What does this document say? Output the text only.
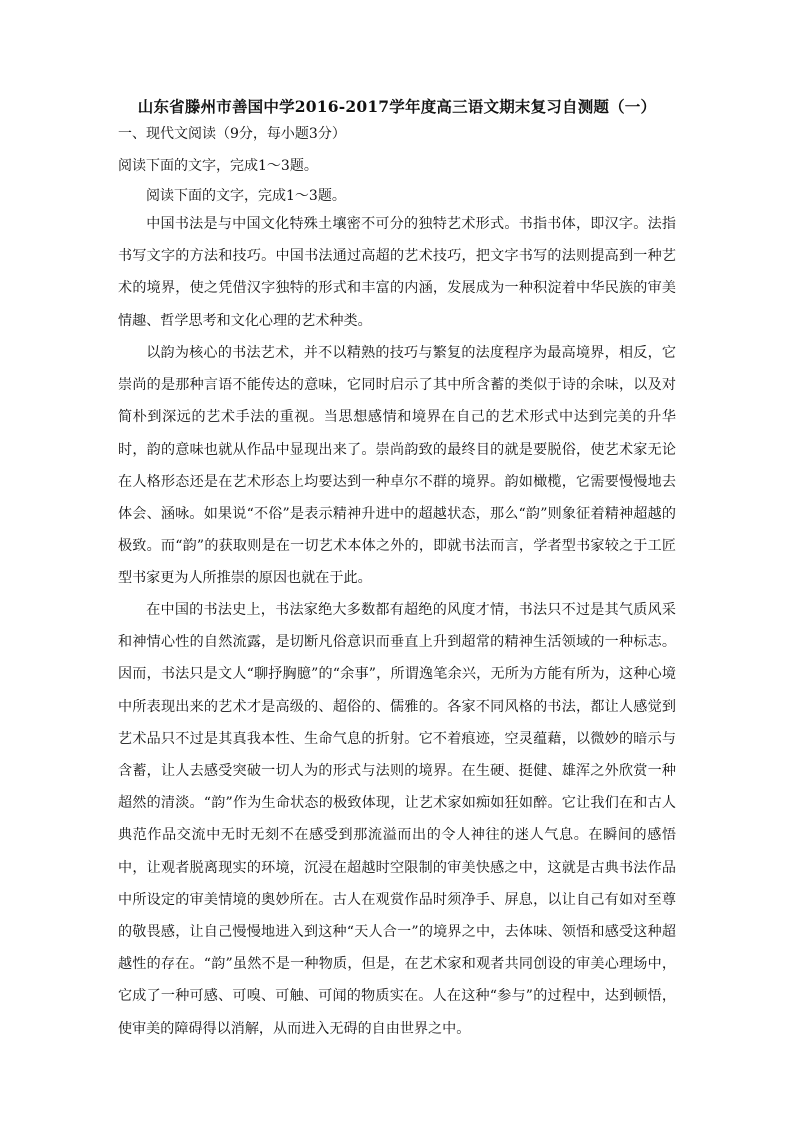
山东省滕州市善国中学2016-2017学年度高三语文期末复习自测题（一）
一、现代文阅读（9分，每小题3分）
阅读下面的文字，完成1～3题。
阅读下面的文字，完成1～3题。

中国书法是与中国文化特殊土壤密不可分的独特艺术形式。书指书体，即汉字。法指书写文字的方法和技巧。中国书法通过高超的艺术技巧，把文字书写的法则提高到一种艺术的境界，使之凭借汉字独特的形式和丰富的内涵，发展成为一种积淀着中华民族的审美情趣、哲学思考和文化心理的艺术种类。

以韵为核心的书法艺术，并不以精熟的技巧与繁复的法度程序为最高境界，相反，它崇尚的是那种言语不能传达的意味，它同时启示了其中所含蓄的类似于诗的余味，以及对简朴到深远的艺术手法的重视。当思想感情和境界在自己的艺术形式中达到完美的升华时，韵的意味也就从作品中显现出来了。崇尚韵致的最终目的就是要脱俗，使艺术家无论在人格形态还是在艺术形态上均要达到一种卓尔不群的境界。韵如橄榄，它需要慢慢地去体会、涵咏。如果说“不俗”是表示精神升进中的超越状态，那么“韵”则象征着精神超越的极致。而“韵”的获取则是在一切艺术本体之外的，即就书法而言，学者型书家较之于工匠型书家更为人所推崇的原因也就在于此。

在中国的书法史上，书法家绝大多数都有超绝的风度才情，书法只不过是其气质风采和神情心性的自然流露，是切断凡俗意识而垂直上升到超常的精神生活领域的一种标志。因而，书法只是文人“聊抒胸臆”的“余事”，所谓逸笔余兴，无所为方能有所为，这种心境中所表现出来的艺术才是高级的、超俗的、儒雅的。各家不同风格的书法，都让人感觉到艺术品只不过是其真我本性、生命气息的折射。它不着痕迹，空灵蕴藉，以微妙的暗示与含蓄，让人去感受突破一切人为的形式与法则的境界。在生硬、挺健、雄浑之外欣赏一种超然的清淡。“韵”作为生命状态的极致体现，让艺术家如痴如狂如醉。它让我们在和古人典范作品交流中无时无刻不在感受到那流溢而出的令人神往的迷人气息。在瞬间的感悟中，让观者脱离现实的环境，沉浸在超越时空限制的审美快感之中，这就是古典书法作品中所设定的审美情境的奥妙所在。古人在观赏作品时须净手、屏息，以让自己有如对至尊的敬畏感，让自己慢慢地进入到这种“天人合一”的境界之中，去体味、领悟和感受这种超越性的存在。“韵”虽然不是一种物质，但是，在艺术家和观者共同创设的审美心理场中，它成了一种可感、可嗅、可触、可闻的物质实在。人在这种“参与”的过程中，达到顿悟，使审美的障碍得以消解，从而进入无碍的自由世界之中。
